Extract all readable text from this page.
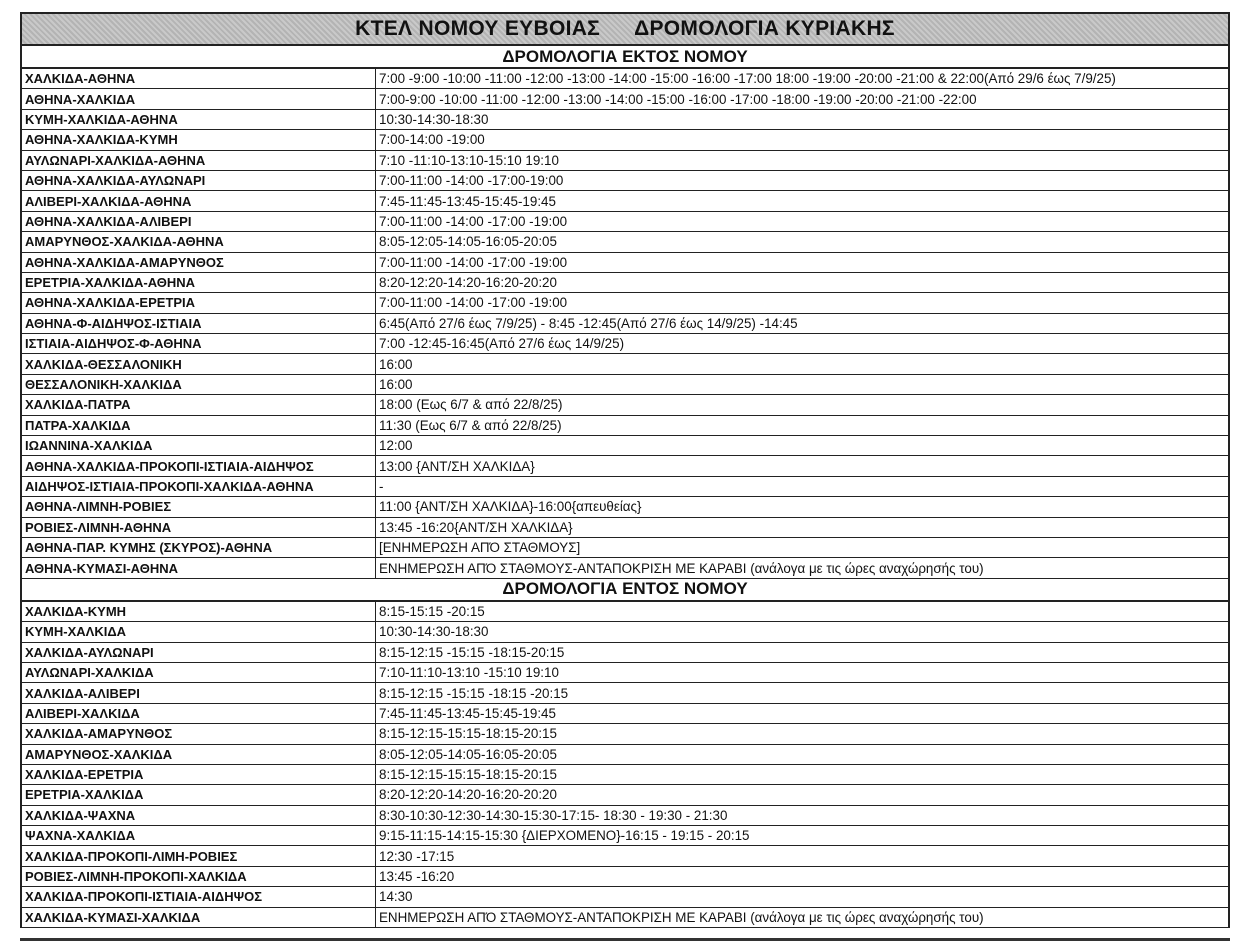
ΚΤΕΛ ΝΟΜΟΥ ΕΥΒΟΙΑΣ ΔΡΟΜΟΛΟΓΙΑ ΚΥΡΙΑΚΗΣ
ΔΡΟΜΟΛΟΓΙΑ ΕΚΤΟΣ ΝΟΜΟΥ
ΧΑΛΚΙΔΑ-ΑΘΗΝΑ	7:00 -9:00 -10:00 -11:00 -12:00 -13:00 -14:00 -15:00 -16:00 -17:00 18:00 -19:00 -20:00 -21:00 & 22:00(Από 29/6 έως 7/9/25)
ΑΘΗΝΑ-ΧΑΛΚΙΔΑ	7:00-9:00 -10:00 -11:00 -12:00 -13:00 -14:00 -15:00 -16:00 -17:00 -18:00 -19:00 -20:00 -21:00 -22:00
ΚΥΜΗ-ΧΑΛΚΙΔΑ-ΑΘΗΝΑ	10:30-14:30-18:30
ΑΘΗΝΑ-ΧΑΛΚΙΔΑ-ΚΥΜΗ	7:00-14:00 -19:00
ΑΥΛΩΝΑΡΙ-ΧΑΛΚΙΔΑ-ΑΘΗΝΑ	7:10 -11:10-13:10-15:10 19:10
ΑΘΗΝΑ-ΧΑΛΚΙΔΑ-ΑΥΛΩΝΑΡΙ	7:00-11:00 -14:00 -17:00-19:00
ΑΛΙΒΕΡΙ-ΧΑΛΚΙΔΑ-ΑΘΗΝΑ	7:45-11:45-13:45-15:45-19:45
ΑΘΗΝΑ-ΧΑΛΚΙΔΑ-ΑΛΙΒΕΡΙ	7:00-11:00 -14:00 -17:00 -19:00
ΑΜΑΡΥΝΘΟΣ-ΧΑΛΚΙΔΑ-ΑΘΗΝΑ	8:05-12:05-14:05-16:05-20:05
ΑΘΗΝΑ-ΧΑΛΚΙΔΑ-ΑΜΑΡΥΝΘΟΣ	7:00-11:00 -14:00 -17:00 -19:00
ΕΡΕΤΡΙΑ-ΧΑΛΚΙΔΑ-ΑΘΗΝΑ	8:20-12:20-14:20-16:20-20:20
ΑΘΗΝΑ-ΧΑΛΚΙΔΑ-ΕΡΕΤΡΙΑ	7:00-11:00 -14:00 -17:00 -19:00
ΑΘΗΝΑ-Φ-ΑΙΔΗΨΟΣ-ΙΣΤΙΑΙΑ	6:45(Από 27/6 έως 7/9/25) - 8:45 -12:45(Από 27/6 έως 14/9/25) -14:45
ΙΣΤΙΑΙΑ-ΑΙΔΗΨΟΣ-Φ-ΑΘΗΝΑ	7:00 -12:45-16:45(Από 27/6 έως 14/9/25)
ΧΑΛΚΙΔΑ-ΘΕΣΣΑΛΟΝΙΚΗ	16:00
ΘΕΣΣΑΛΟΝΙΚΗ-ΧΑΛΚΙΔΑ	16:00
ΧΑΛΚΙΔΑ-ΠΑΤΡΑ	18:00 (Εως 6/7 & από 22/8/25)
ΠΑΤΡΑ-ΧΑΛΚΙΔΑ	11:30 (Εως 6/7 & από 22/8/25)
ΙΩΑΝΝΙΝΑ-ΧΑΛΚΙΔΑ	12:00
ΑΘΗΝΑ-ΧΑΛΚΙΔΑ-ΠΡΟΚΟΠΙ-ΙΣΤΙΑΙΑ-ΑΙΔΗΨΟΣ	13:00 {ΑΝΤ/ΣΗ ΧΑΛΚΙΔΑ}
ΑΙΔΗΨΟΣ-ΙΣΤΙΑΙΑ-ΠΡΟΚΟΠΙ-ΧΑΛΚΙΔΑ-ΑΘΗΝΑ	-
ΑΘΗΝΑ-ΛΙΜΝΗ-ΡΟΒΙΕΣ	11:00 {ΑΝΤ/ΣΗ ΧΑΛΚΙΔΑ}-16:00{απευθείας}
ΡΟΒΙΕΣ-ΛΙΜΝΗ-ΑΘΗΝΑ	13:45 -16:20{ΑΝΤ/ΣΗ ΧΑΛΚΙΔΑ}
ΑΘΗΝΑ-ΠΑΡ. ΚΥΜΗΣ (ΣΚΥΡΟΣ)-ΑΘΗΝΑ	[ΕΝΗΜΕΡΩΣΗ ΑΠΌ ΣΤΑΘΜΟΥΣ]
ΑΘΗΝΑ-ΚΥΜΑΣΙ-ΑΘΗΝΑ	ΕΝΗΜΕΡΩΣΗ ΑΠΌ ΣΤΑΘΜΟΥΣ-ΑΝΤΑΠΟΚΡΙΣΗ ΜΕ ΚΑΡΑΒΙ (ανάλογα με τις ώρες αναχώρησής του)
ΔΡΟΜΟΛΟΓΙΑ ΕΝΤΟΣ ΝΟΜΟΥ
ΧΑΛΚΙΔΑ-ΚΥΜΗ	8:15-15:15 -20:15
ΚΥΜΗ-ΧΑΛΚΙΔΑ	10:30-14:30-18:30
ΧΑΛΚΙΔΑ-ΑΥΛΩΝΑΡΙ	8:15-12:15 -15:15 -18:15-20:15
ΑΥΛΩΝΑΡΙ-ΧΑΛΚΙΔΑ	7:10-11:10-13:10 -15:10 19:10
ΧΑΛΚΙΔΑ-ΑΛΙΒΕΡΙ	8:15-12:15 -15:15 -18:15 -20:15
ΑΛΙΒΕΡΙ-ΧΑΛΚΙΔΑ	7:45-11:45-13:45-15:45-19:45
ΧΑΛΚΙΔΑ-ΑΜΑΡΥΝΘΟΣ	8:15-12:15-15:15-18:15-20:15
ΑΜΑΡΥΝΘΟΣ-ΧΑΛΚΙΔΑ	8:05-12:05-14:05-16:05-20:05
ΧΑΛΚΙΔΑ-ΕΡΕΤΡΙΑ	8:15-12:15-15:15-18:15-20:15
ΕΡΕΤΡΙΑ-ΧΑΛΚΙΔΑ	8:20-12:20-14:20-16:20-20:20
ΧΑΛΚΙΔΑ-ΨΑΧΝΑ	8:30-10:30-12:30-14:30-15:30-17:15- 18:30 - 19:30 - 21:30
ΨΑΧΝΑ-ΧΑΛΚΙΔΑ	9:15-11:15-14:15-15:30 {ΔΙΕΡΧΟΜΕΝΟ}-16:15 - 19:15 - 20:15
ΧΑΛΚΙΔΑ-ΠΡΟΚΟΠΙ-ΛΙΜΗ-ΡΟΒΙΕΣ	12:30 -17:15
ΡΟΒΙΕΣ-ΛΙΜΝΗ-ΠΡΟΚΟΠΙ-ΧΑΛΚΙΔΑ	13:45 -16:20
ΧΑΛΚΙΔΑ-ΠΡΟΚΟΠΙ-ΙΣΤΙΑΙΑ-ΑΙΔΗΨΟΣ	14:30
ΧΑΛΚΙΔΑ-ΚΥΜΑΣΙ-ΧΑΛΚΙΔΑ	ΕΝΗΜΕΡΩΣΗ ΑΠΌ ΣΤΑΘΜΟΥΣ-ΑΝΤΑΠΟΚΡΙΣΗ ΜΕ ΚΑΡΑΒΙ (ανάλογα με τις ώρες αναχώρησής του)
